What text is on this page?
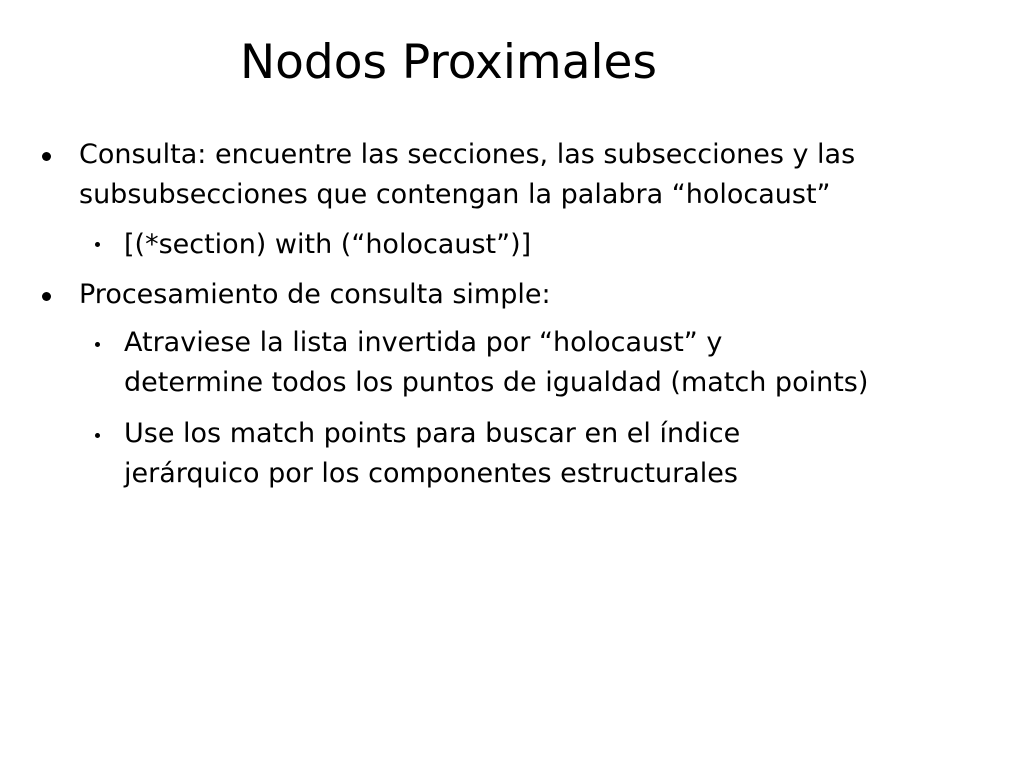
Nodos Proximales
Consulta: encuentre las secciones, las subsecciones y las
subsubsecciones que contengan la palabra “holocaust”
[(*section) with (“holocaust”)]
Procesamiento de consulta simple:
Atraviese la lista invertida por “holocaust” y
determine todos los puntos de igualdad (match points)
Use los match points para buscar en el índice
jerárquico por los componentes estructurales
